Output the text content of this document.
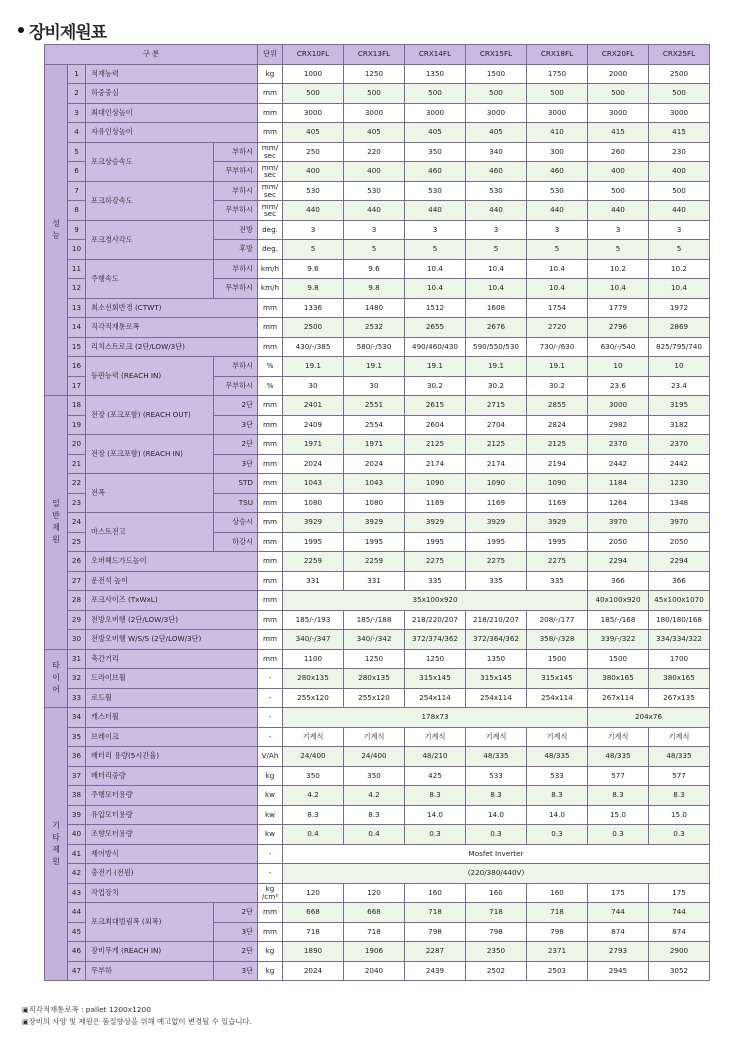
장비제원표
구 분				단위	CRX10FL	CRX13FL	CRX14FL	CRX15FL	CRX18FL	CRX20FL	CRX25FL
성
능	1	적재능력		kg	1000	1250	1350	1500	1750	2000	2500
	2	하중중심		mm	500	500	500	500	500	500	500
	3	최대인상높이		mm	3000	3000	3000	3000	3000	3000	3000
	4	자유인상높이		mm	405	405	405	405	410	415	415
	5	포크상승속도	부하시	mm/
sec	250	220	350	340	300	260	230
	6		무부하시	mm/
sec	400	400	460	460	460	400	400
	7	포크하강속도	부하시	mm/
sec	530	530	530	530	530	500	500
	8		무부하시	mm/
sec	440	440	440	440	440	440	440
	9	포크경사각도	전방	deg.	3	3	3	3	3	3	3
	10		후방	deg.	5	5	5	5	5	5	5
	11	주행속도	부하시	km/h	9.6	9.6	10.4	10.4	10.4	10.2	10.2
	12		무부하시	km/h	9.8	9.8	10.4	10.4	10.4	10.4	10.4
	13	최소선회반경 (CTWT)		mm	1336	1480	1512	1608	1754	1779	1972
	14	직각적재통로폭		mm	2500	2532	2655	2676	2720	2796	2869
	15	리치스트로크 (2단/LOW/3단)		mm	430/-/385	580/-/530	490/460/430	590/550/530	730/-/630	630/-/540	825/795/740
	16	등판능력 (REACH IN)	부하시	%	19.1	19.1	19.1	19.1	19.1	10	10
	17		무부하시	%	30	30	30.2	30.2	30.2	23.6	23.4
일
반
제
원	18	전장 (포크포함) (REACH OUT)	2단	mm	2401	2551	2615	2715	2855	3000	3195
	19		3단	mm	2409	2554	2604	2704	2824	2982	3182
	20	전장 (포크포함) (REACH IN)	2단	mm	1971	1971	2125	2125	2125	2370	2370
	21		3단	mm	2024	2024	2174	2174	2194	2442	2442
	22	전폭	STD	mm	1043	1043	1090	1090	1090	1184	1230
	23		TSU	mm	1080	1080	1169	1169	1169	1264	1348
	24	마스트전고	상승시	mm	3929	3929	3929	3929	3929	3970	3970
	25		하강시	mm	1995	1995	1995	1995	1995	2050	2050
	26	오버헤드가드높이		mm	2259	2259	2275	2275	2275	2294	2294
	27	운전석 높이		mm	331	331	335	335	335	366	366
	28	포크사이즈 (TxWxL)		mm	35x100x920					40x100x920	45x100x1070
	29	전방오버행 (2단/LOW/3단)		mm	185/-/193	185/-/188	218/220/207	218/210/207	208/-/177	185/-/168	180/180/168
	30	전방오버행 W/S/S (2단/LOW/3단)		mm	340/-/347	340/-/342	372/374/362	372/364/362	358/-/328	339/-/322	334/334/322
타
이
어	31	축간거리		mm	1100	1250	1250	1350	1500	1500	1700
	32	드라이브휠		-	280x135	280x135	315x145	315x145	315x145	380x165	380x165
	33	로드휠		-	255x120	255x120	254x114	254x114	254x114	267x114	267x135
기
타
제
원	34	캐스터휠		-	178x73					204x76	
	35	브레이크		-	기계식	기계식	기계식	기계식	기계식	기계식	기계식
	36	배터리 용량(5시간율)		V/Ah	24/400	24/400	48/210	48/335	48/335	48/335	48/335
	37	배터리중량		kg	350	350	425	533	533	577	577
	38	주행모터용량		kw	4.2	4.2	8.3	8.3	8.3	8.3	8.3
	39	유압모터용량		kw	8.3	8.3	14.0	14.0	14.0	15.0	15.0
	40	조향모터용량		kw	0.4	0.4	0.3	0.3	0.3	0.3	0.3
	41	제어방식		-	Mosfet Inverter						
	42	충전기 (전원)		-	(220/380/440V)						
	43	작업장치		kg
/cm²	120	120	160	160	160	175	175
	44	포크최대벌림폭 (외폭)	2단	mm	668	668	718	718	718	744	744
	45		3단	mm	718	718	798	798	798	874	874
	46	장비무게 (REACH IN)	2단	kg	1890	1906	2287	2350	2371	2793	2900
	47	무부하	3단	kg	2024	2040	2439	2502	2503	2945	3052
▣ 직각적재통로폭 : pallet 1200x1200
▣ 장비의 사양 및 제원은 품질향상을 위해 예고없이 변경될 수 있습니다.
